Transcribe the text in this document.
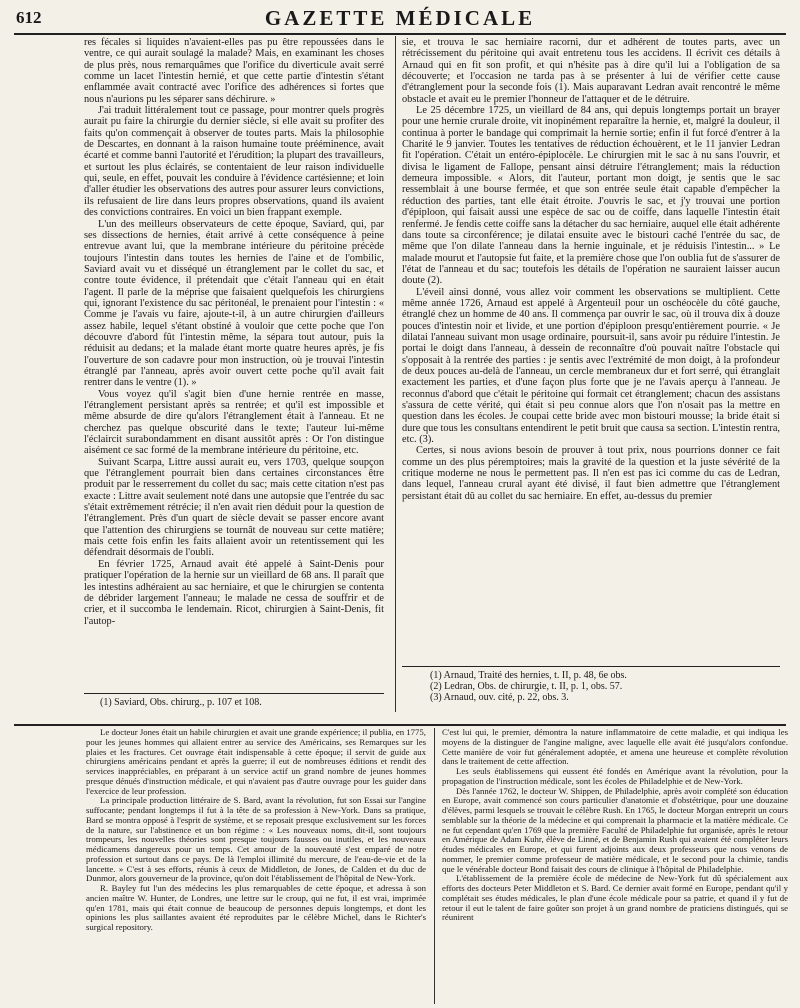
612	GAZETTE MÉDICALE

res fécales si liquides n'avaient-elles pas pu être repoussées dans le ventre, ce qui aurait soulagé la malade? Mais, en examinant les choses de plus près, nous remarquâmes que l'orifice du diverticule avait serré comme un lacet l'intestin hernié, et que cette partie d'intestin s'étant enflammée avait contracté avec l'orifice des adhérences si fortes que nous n'aurions pu les séparer sans déchirure. »

J'ai traduit littéralement tout ce passage, pour montrer quels progrès aurait pu faire la chirurgie du dernier siècle, si elle avait su profiter des faits qu'on commençait à observer de toutes parts. Mais la philosophie de Descartes, en donnant à la raison humaine toute prééminence, avait écarté et comme banni l'autorité et l'érudition; la plupart des travailleurs, et surtout les plus éclairés, se contentaient de leur raison individuelle qui, seule, en effet, pouvait les conduire à l'évidence cartésienne; et loin d'aller étudier les observations des autres pour assurer leurs convictions, ils refusaient de lire dans leurs propres observations, quand ils avaient des convictions contraires. En voici un bien frappant exemple.

L'un des meilleurs observateurs de cette époque, Saviard, qui, par ses dissections de hernies, était arrivé à cette conséquence à peine entrevue avant lui, que la membrane intérieure du péritoine précède toujours l'intestin dans toutes les hernies de l'aine et de l'ombilic, Saviard avait vu et disséqué un étranglement par le collet du sac, et contre toute évidence, il prétendait que c'était l'anneau qui en était l'agent. Il parle de la méprise que faisaient quelquefois les chirurgiens qui, ignorant l'existence du sac péritonéal, le prenaient pour l'intestin : « Comme je l'avais vu faire, ajoute-t-il, à un autre chirurgien d'ailleurs assez habile, lequel s'étant obstiné à vouloir que cette poche que l'on découvre d'abord fût l'intestin même, la sépara tout autour, puis la réduisit au dedans; et la malade étant morte quatre heures après, je fis l'ouverture de son cadavre pour mon instruction, où je trouvai l'intestin étranglé par l'anneau, après avoir ouvert cette poche qu'il avait fait rentrer dans le ventre (1). »

Vous voyez qu'il s'agit bien d'une hernie rentrée en masse, l'étranglement persistant après sa rentrée; et qu'il est impossible et même absurde de dire qu'alors l'étranglement était à l'anneau. Et ne cherchez pas quelque obscurité dans le texte; l'auteur lui-même l'éclaircit surabondamment en disant aussitôt après : Or l'on distingue aisément ce sac formé de la membrane intérieure du péritoine, etc.

Suivant Scarpa, Littre aussi aurait eu, vers 1703, quelque soupçon que l'étranglement pourrait bien dans certaines circonstances être produit par le resserrement du collet du sac; mais cette citation n'est pas exacte : Littre avait seulement noté dans une autopsie que l'entrée du sac s'était extrêmement rétrécie; il n'en avait rien déduit pour la question de l'étranglement. Près d'un quart de siècle devait se passer encore avant que l'attention des chirurgiens se tournât de nouveau sur cette matière; mais cette fois enfin les faits allaient avoir un retentissement qui les défendrait désormais de l'oubli.

En février 1725, Arnaud avait été appelé à Saint-Denis pour pratiquer l'opération de la hernie sur un vieillard de 68 ans. Il paraît que les intestins adhéraient au sac herniaire, et que le chirurgien se contenta de débrider largement l'anneau; le malade ne cessa de souffrir et de crier, et il succomba le lendemain. Ricot, chirurgien à Saint-Denis, fit l'autop-

(1) Saviard, Obs. chirurg., p. 107 et 108.

sie, et trouva le sac herniaire racorni, dur et adhérent de toutes parts, avec un rétrécissement du péritoine qui avait entretenu tous les accidens. Il écrivit ces détails à Arnaud qui en fit son profit, et qui n'hésite pas à dire qu'il lui a l'obligation de sa découverte; et l'occasion ne tarda pas à se présenter à lui de vérifier cette cause d'étranglement pour la seconde fois (1). Mais auparavant Ledran avait rencontré le même obstacle et avait eu le premier l'honneur de l'attaquer et de le détruire.

Le 25 décembre 1725, un vieillard de 84 ans, qui depuis longtemps portait un brayer pour une hernie crurale droite, vit inopinément reparaître la hernie, et, malgré la douleur, il continua à porter le bandage qui comprimait la hernie sortie; enfin il fut forcé d'entrer à la Charité le 9 janvier. Toutes les tentatives de réduction échouèrent, et le 11 janvier Ledran fit l'opération. C'était un entéro-épiplocèle. Le chirurgien mit le sac à nu sans l'ouvrir, et divisa le ligament de Fallope, pensant ainsi détruire l'étranglement; mais la réduction demeura impossible. « Alors, dit l'auteur, portant mon doigt, je sentis que le sac ressemblait à une bourse fermée, et que son entrée seule était capable d'empêcher la réduction des parties, tant elle était étroite. J'ouvris le sac, et j'y trouvai une portion d'épiploon, qui faisait aussi une espèce de sac ou de coiffe, dans laquelle l'intestin était renfermé. Je fendis cette coiffe sans la détacher du sac herniaire, auquel elle était adhérente dans toute sa circonférence; je dilatai ensuite avec le bistouri caché l'entrée du sac, de même que l'on dilate l'anneau dans la hernie inguinale, et je réduisis l'intestin... » Le malade mourut et l'autopsie fut faite, et la première chose que l'on oublia fut de s'assurer de l'état de l'anneau et du sac; toutefois les détails de l'opération ne sauraient laisser aucun doute (2).

L'éveil ainsi donné, vous allez voir comment les observations se multiplient. Cette même année 1726, Arnaud est appelé à Argenteuil pour un oschéocèle du côté gauche, étranglé chez un homme de 40 ans. Il commença par ouvrir le sac, où il trouva dix à douze pouces d'intestin noir et livide, et une portion d'épiploon presqu'entièrement pourrie. « Je dilatai l'anneau suivant mon usage ordinaire, poursuit-il, sans avoir pu réduire l'intestin. Je portai le doigt dans l'anneau, à dessein de reconnaître d'où pouvait naître l'obstacle qui s'opposait à la rentrée des parties : je sentis avec l'extrémité de mon doigt, à la profondeur de deux pouces au-delà de l'anneau, un cercle membraneux dur et fort serré, qui étranglait exactement les parties, et d'une façon plus forte que je ne l'avais aperçu à l'anneau. Je reconnus d'abord que c'était le péritoine qui formait cet étranglement; chacun des assistans s'assura de cette vérité, qui était si peu connue alors que l'on n'osait pas la mettre en question dans les écoles. Je coupai cette bride avec mon bistouri mousse; la bride était si dure que tous les consultans entendirent le petit bruit que causa sa section. L'intestin rentra, etc. (3).

Certes, si nous avions besoin de prouver à tout prix, nous pourrions donner ce fait comme un des plus péremptoires; mais la gravité de la question et la juste sévérité de la critique moderne ne nous le permettent pas. Il n'en est pas ici comme du cas de Ledran, dans lequel, l'anneau crural ayant été divisé, il faut bien admettre que l'étranglement persistant était dû au collet du sac herniaire. En effet, au-dessus du premier

(1) Arnaud, Traité des hernies, t. II, p. 48, 6e obs.
(2) Ledran, Obs. de chirurgie, t. II, p. 1, obs. 57.
(3) Arnaud, ouv. cité, p. 22, obs. 3.

Le docteur Jones était un habile chirurgien et avait une grande expérience; il publia, en 1775, pour les jeunes hommes qui allaient entrer au service des Américains, ses Remarques sur les plaies et les fractures. Cet ouvrage était indispensable à cette époque; il servit de guide aux chirurgiens américains pendant et après la guerre; il eut de nombreuses éditions et rendit des services inappréciables, en préparant à un service actif un grand nombre de jeunes hommes presque dénués d'instruction médicale, et qui n'avaient pas d'autre ouvrage pour les guider dans l'exercice de leur profession.

La principale production littéraire de S. Bard, avant la révolution, fut son Essai sur l'angine suffocante; pendant longtemps il fut à la tête de sa profession à New-York. Dans sa pratique, Bard se montra opposé à l'esprit de système, et se reposait presque exclusivement sur les forces de la nature, sur l'abstinence et un bon régime : « Les nouveaux noms, dit-il, sont toujours trompeurs, les nouvelles théories sont presque toujours fausses ou inutiles, et les nouveaux médicamens dangereux pour un temps. Cet amour de la nouveauté s'est emparé de notre profession et surtout dans ce pays. De là l'emploi illimité du mercure, de l'eau-de-vie et de la lancette. » C'est à ses efforts, réunis à ceux de Middleton, de Jones, de Calden et du duc de Dunmor, alors gouverneur de la province, qu'on doit l'établissement de l'hôpital de New-York.

R. Bayley fut l'un des médecins les plus remarquables de cette époque, et adressa à son ancien maître W. Hunter, de Londres, une lettre sur le croup, qui ne fut, il est vrai, imprimée qu'en 1781, mais qui était connue de beaucoup de personnes depuis longtemps, et dont les opinions les plus saillantes avaient été reproduites par le célèbre Michel, dans le Richter's surgical repository.

C'est lui qui, le premier, démontra la nature inflammatoire de cette maladie, et qui indiqua les moyens de la distinguer de l'angine maligne, avec laquelle elle avait été jusqu'alors confondue. Cette manière de voir fut généralement adoptée, et amena une heureuse et complète révolution dans le traitement de cette affection.

Les seuls établissemens qui eussent été fondés en Amérique avant la révolution, pour la propagation de l'instruction médicale, sont les écoles de Philadelphie et de New-York.

Dès l'année 1762, le docteur W. Shippen, de Philadelphie, après avoir complété son éducation en Europe, avait commencé son cours particulier d'anatomie et d'obstétrique, pour une douzaine d'élèves, parmi lesquels se trouvait le célèbre Rush. En 1765, le docteur Morgan entreprit un cours semblable sur la théorie de la médecine et qui comprenait la pharmacie et la matière médicale. Ce ne fut cependant qu'en 1769 que la première Faculté de Philadelphie fut organisée, après le retour en Amérique de Adam Kuhr, élève de Linné, et de Benjamin Rush qui avaient été compléter leurs études médicales en Europe, et qui furent adjoints aux deux professeurs que nous venons de nommer, le premier comme professeur de matière médicale, et le second pour la chimie, tandis que le vénérable docteur Bond faisait des cours de clinique à l'hôpital de Philadelphie.

L'établissement de la première école de médecine de New-York fut dû spécialement aux efforts des docteurs Peter Middleton et S. Bard. Ce dernier avait formé en Europe, pendant qu'il y complétait ses études médicales, le plan d'une école médicale pour sa patrie, et quand il y fut de retour il eut le talent de faire goûter son projet à un grand nombre de praticiens distingués, qui se réunirent
